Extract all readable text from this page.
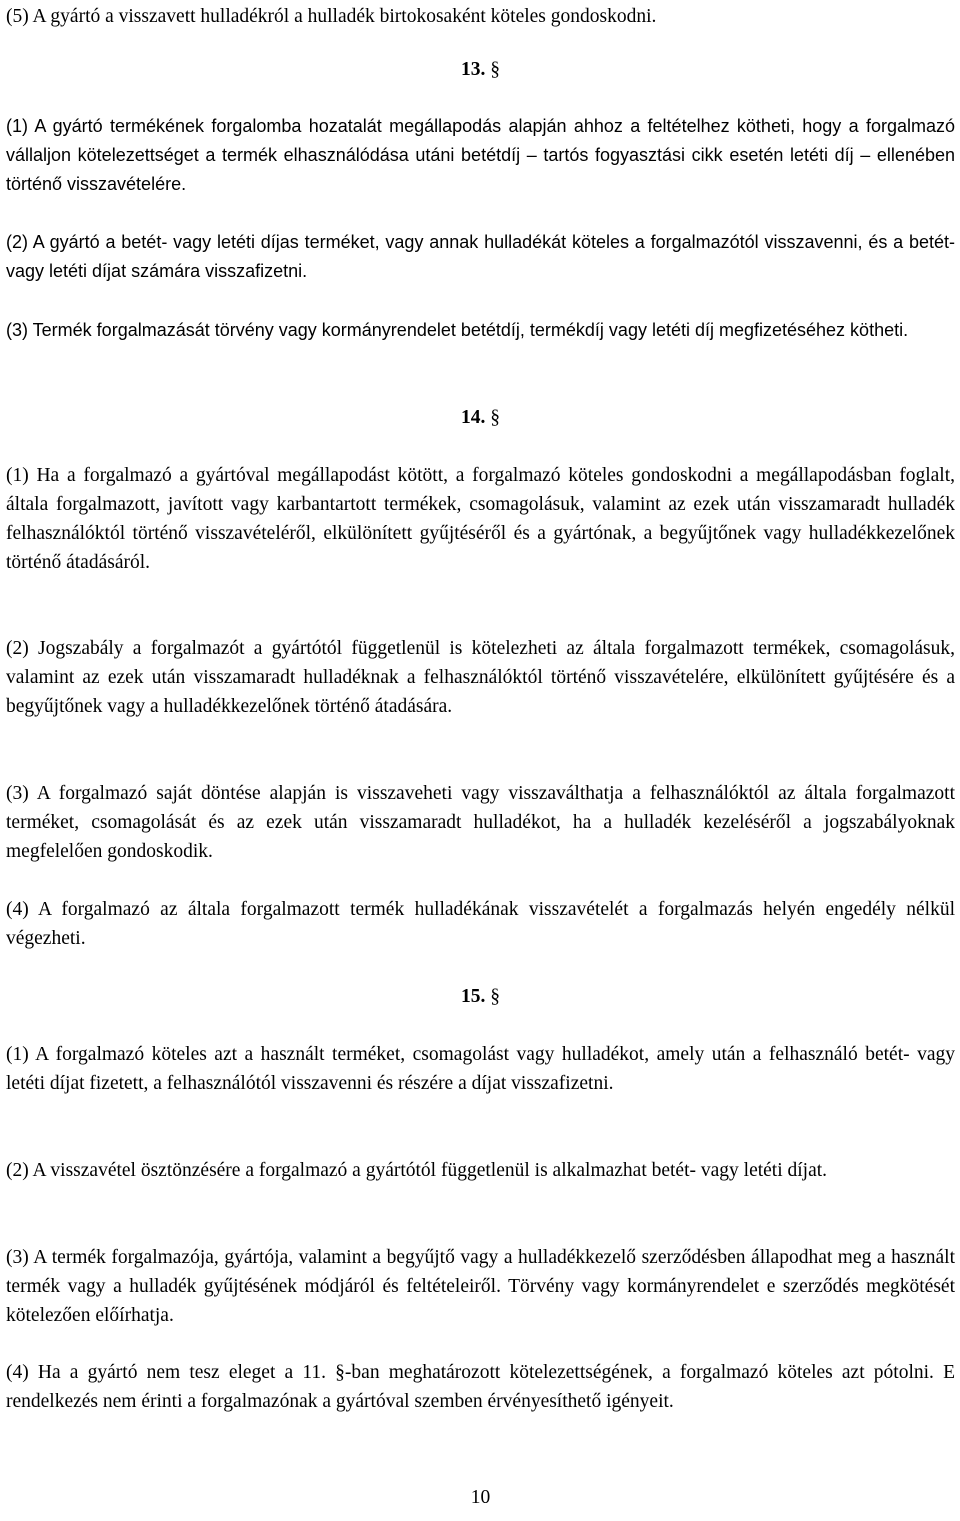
(5) A gyártó a visszavett hulladékról a hulladék birtokosaként köteles gondoskodni.

13. §

(1) A gyártó termékének forgalomba hozatalát megállapodás alapján ahhoz a feltételhez kötheti, hogy a forgalmazó vállaljon kötelezettséget a termék elhasználódása utáni betétdíj – tartós fogyasztási cikk esetén letéti díj – ellenében történő visszavételére.

(2) A gyártó a betét- vagy letéti díjas terméket, vagy annak hulladékát köteles a forgalmazótól visszavenni, és a betét- vagy letéti díjat számára visszafizetni.

(3) Termék forgalmazását törvény vagy kormányrendelet betétdíj, termékdíj vagy letéti díj megfizetéséhez kötheti.

14. §

(1) Ha a forgalmazó a gyártóval megállapodást kötött, a forgalmazó köteles gondoskodni a megállapodásban foglalt, általa forgalmazott, javított vagy karbantartott termékek, csomagolásuk, valamint az ezek után visszamaradt hulladék felhasználóktól történő visszavételéről, elkülönített gyűjtéséről és a gyártónak, a begyűjtőnek vagy hulladékkezelőnek történő átadásáról.

(2) Jogszabály a forgalmazót a gyártótól függetlenül is kötelezheti az általa forgalmazott termékek, csomagolásuk, valamint az ezek után visszamaradt hulladéknak a felhasználóktól történő visszavételére, elkülönített gyűjtésére és a begyűjtőnek vagy a hulladékkezelőnek történő átadására.

(3) A forgalmazó saját döntése alapján is visszaveheti vagy visszaválthatja a felhasználóktól az általa forgalmazott terméket, csomagolását és az ezek után visszamaradt hulladékot, ha a hulladék kezeléséről a jogszabályoknak megfelelően gondoskodik.

(4) A forgalmazó az általa forgalmazott termék hulladékának visszavételét a forgalmazás helyén engedély nélkül végezheti.

15. §

(1) A forgalmazó köteles azt a használt terméket, csomagolást vagy hulladékot, amely után a felhasználó betét- vagy letéti díjat fizetett, a felhasználótól visszavenni és részére a díjat visszafizetni.

(2) A visszavétel ösztönzésére a forgalmazó a gyártótól függetlenül is alkalmazhat betét- vagy letéti díjat.

(3) A termék forgalmazója, gyártója, valamint a begyűjtő vagy a hulladékkezelő szerződésben állapodhat meg a használt termék vagy a hulladék gyűjtésének módjáról és feltételeiről. Törvény vagy kormányrendelet e szerződés megkötését kötelezően előírhatja.

(4) Ha a gyártó nem tesz eleget a 11. §-ban meghatározott kötelezettségének, a forgalmazó köteles azt pótolni. E rendelkezés nem érinti a forgalmazónak a gyártóval szemben érvényesíthető igényeit.

10
